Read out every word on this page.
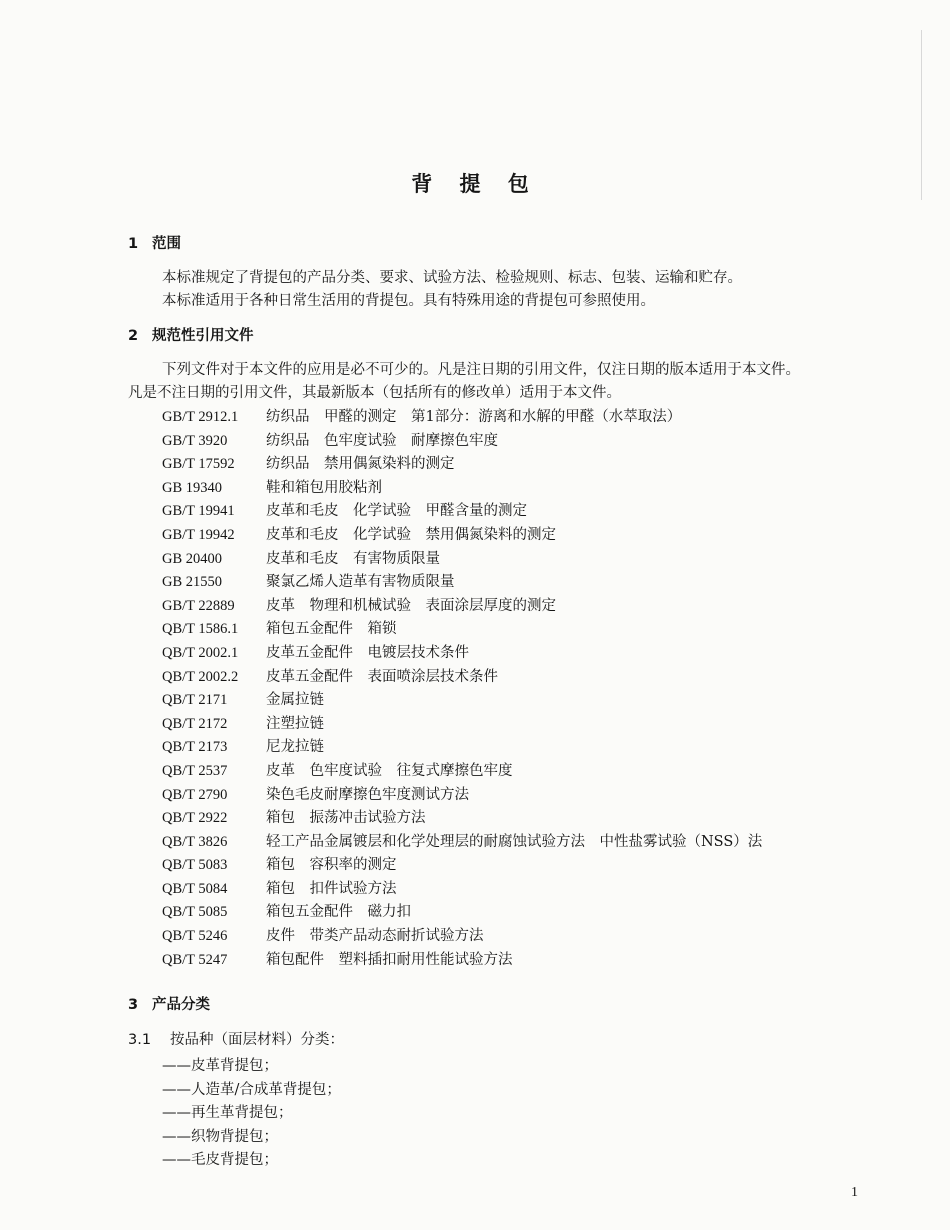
背 提 包
1 范围
本标准规定了背提包的产品分类、要求、试验方法、检验规则、标志、包装、运输和贮存。
本标准适用于各种日常生活用的背提包。具有特殊用途的背提包可参照使用。
2 规范性引用文件
下列文件对于本文件的应用是必不可少的。凡是注日期的引用文件，仅注日期的版本适用于本文件。
凡是不注日期的引用文件，其最新版本（包括所有的修改单）适用于本文件。
GB/T 2912.1 纺织品　甲醛的测定　第1部分：游离和水解的甲醛（水萃取法）
GB/T 3920	纺织品　色牢度试验　耐摩擦色牢度
GB/T 17592 纺织品　禁用偶氮染料的测定
GB 19340	鞋和箱包用胶粘剂
GB/T 19941 皮革和毛皮　化学试验　甲醛含量的测定
GB/T 19942 皮革和毛皮　化学试验　禁用偶氮染料的测定
GB 20400	皮革和毛皮　有害物质限量
GB 21550	聚氯乙烯人造革有害物质限量
GB/T 22889 皮革　物理和机械试验　表面涂层厚度的测定
QB/T 1586.1 箱包五金配件　箱锁
QB/T 2002.1 皮革五金配件　电镀层技术条件
QB/T 2002.2 皮革五金配件　表面喷涂层技术条件
QB/T 2171	金属拉链
QB/T 2172	注塑拉链
QB/T 2173	尼龙拉链
QB/T 2537	皮革　色牢度试验　往复式摩擦色牢度
QB/T 2790	染色毛皮耐摩擦色牢度测试方法
QB/T 2922	箱包　振荡冲击试验方法
QB/T 3826	轻工产品金属镀层和化学处理层的耐腐蚀试验方法　中性盐雾试验（NSS）法
QB/T 5083	箱包　容积率的测定
QB/T 5084	箱包　扣件试验方法
QB/T 5085	箱包五金配件　磁力扣
QB/T 5246	皮件　带类产品动态耐折试验方法
QB/T 5247	箱包配件　塑料插扣耐用性能试验方法
3 产品分类
3.1 按品种（面层材料）分类：
——皮革背提包；
——人造革/合成革背提包；
——再生革背提包；
——织物背提包；
——毛皮背提包；
1
